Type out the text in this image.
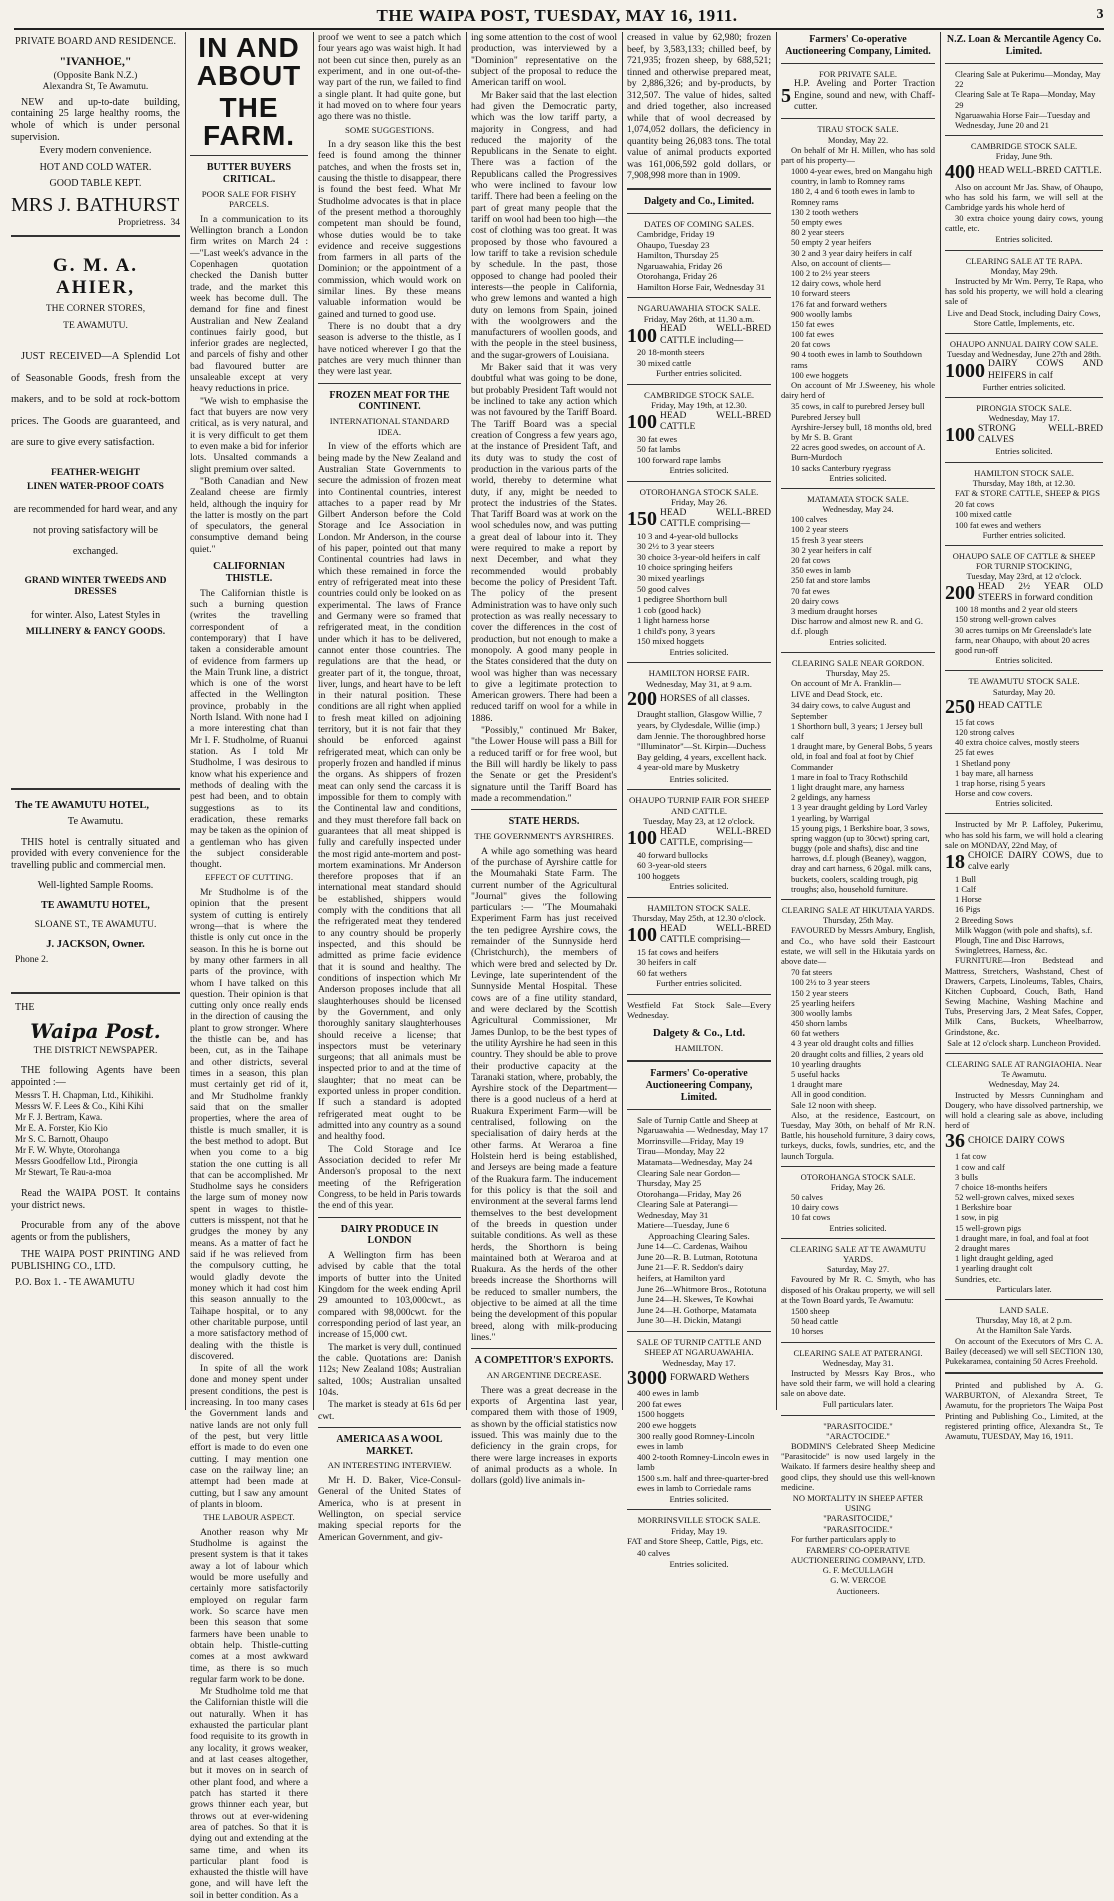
THE WAIPA POST, TUESDAY, MAY 16, 1911.	3
PRIVATE BOARD AND RESIDENCE.
"IVANHOE,"
(Opposite Bank N.Z.)
Alexandra St, Te Awamutu.

NEW and up-to-date building, containing 25 large healthy rooms, the whole of which is under personal supervision.

Every modern convenience.
HOT AND COLD WATER.
GOOD TABLE KEPT.
MRS J. BATHURST
Proprietress. 34
G. M. A. AHIER,
THE CORNER STORES,
TE AWAMUTU.

JUST RECEIVED—A Splendid Lot of Seasonable Goods, fresh from the makers, and to be sold at rock-bottom prices. The Goods are guaranteed, and are sure to give every satisfaction.

FEATHER-WEIGHT
LINEN WATER-PROOF COATS

are recommended for hard wear, and any not proving satisfactory will be exchanged.

GRAND WINTER TWEEDS AND DRESSES

for winter. Also, Latest Styles in

MILLINERY & FANCY GOODS.
The TE AWAMUTU HOTEL,
Te Awamutu.

THIS hotel is centrally situated and provided with every convenience for the travelling public and commercial men.

Well-lighted Sample Rooms.
TE AWAMUTU HOTEL,
SLOANE ST., TE AWAMUTU.
J. JACKSON, Owner.
Phone 2.
THE
Waipa Post.
THE DISTRICT NEWSPAPER.

THE following Agents have been appointed :—

Messrs T. H. Chapman, Ltd., Kihikihi.
Messrs W. F. Lees & Co., Kihi Kihi
Mr F. J. Bertram, Kawa.
Mr E. A. Forster, Kio Kio
Mr S. C. Barnott, Ohaupo
Mr F. W. Whyte, Otorohanga
Messrs Goodfellow Ltd., Pirongia
Mr Stewart, Te Rau-a-moa

Read the WAIPA POST. It contains your district news.

Procurable from any of the above agents or from the publishers,

THE WAIPA POST PRINTING AND PUBLISHING CO., LTD.

P.O. Box 1. - TE AWAMUTU
IN AND ABOUT
THE FARM.
BUTTER BUYERS CRITICAL.
POOR SALE FOR FISHY PARCELS.

In a communication to its Wellington branch a London firm writes on March 24 :—"Last week's advance in the Copenhagen quotation checked the Danish butter trade, and the market this week has become dull. The demand for fine and finest Australian and New Zealand continues fairly good, but inferior grades are neglected, and parcels of fishy and other bad flavoured butter are unsaleable except at very heavy reductions in price.

"We wish to emphasise the fact that buyers are now very critical, as is very natural, and it is very difficult to get them to even make a bid for inferior lots. Unsalted commands a slight premium over salted.

"Both Canadian and New Zealand cheese are firmly held, although the inquiry for the latter is mostly on the part of speculators, the general consumptive demand being quiet."

CALIFORNIAN THISTLE.

The Californian thistle is such a burning question (writes the travelling correspondent of a contemporary) that I have taken a considerable amount of evidence from farmers up the Main Trunk line, a district which is one of the worst affected in the Wellington province, probably in the North Island. With none had I a more interesting chat than Mr I. F. Studholme, of Ruanui station. As I told Mr Studholme, I was desirous to know what his experience and methods of dealing with the pest had been, and to obtain suggestions as to its eradication, these remarks may be taken as the opinion of a gentleman who has given the subject considerable thought.

EFFECT OF CUTTING.

Mr Studholme is of the opinion that the present system of cutting is entirely wrong—that is where the thistle is only cut once in the season. In this he is borne out by many other farmers in all parts of the province, with whom I have talked on this question. Their opinion is that cutting only once really ends in the direction of causing the plant to grow stronger. Where the thistle can be, and has been, cut, as in the Taihape and other districts, several times in a season, this plan must certainly get rid of it, and Mr Studholme frankly said that on the smaller properties, where the area of thistle is much smaller, it is the best method to adopt. But when you come to a big station the one cutting is all that can be accomplished. Mr Studholme says he considers the large sum of money now spent in wages to thistle-cutters is misspent, not that he grudges the money by any means. As a matter of fact he said if he was relieved from the compulsory cutting, he would gladly devote the money which it had cost him this season annually to the Taihape hospital, or to any other charitable purpose, until a more satisfactory method of dealing with the thistle is discovered.

In spite of all the work done and money spent under present conditions, the pest is increasing. In too many cases the Government lands and native lands are not only full of the pest, but very little effort is made to do even one cutting. I may mention one case on the railway line; an attempt had been made at cutting, but I saw any amount of plants in bloom.

THE LABOUR ASPECT.

Another reason why Mr Studholme is against the present system is that it takes away a lot of labour which would be more usefully and certainly more satisfactorily employed on regular farm work. So scarce have men been this season that some farmers have been unable to obtain help. Thistle-cutting comes at a most awkward time, as there is so much regular farm work to be done.

Mr Studholme told me that the Californian thistle will die out naturally. When it has exhausted the particular plant food requisite to its growth in any locality, it grows weaker, and at last ceases altogether, but it moves on in search of other plant food, and where a patch has started it there grows thinner each year, but throws out at ever-widening area of patches. So that it is dying out and extending at the same time, and when its particular plant food is exhausted the thistle will have gone, and will have left the soil in better condition. As a

proof we went to see a patch which four years ago was waist high. It had not been cut since then, purely as an experiment, and in one out-of-the-way part of the run, we failed to find a single plant. It had quite gone, but it had moved on to where four years ago there was no thistle.

SOME SUGGESTIONS.

In a dry season like this the best feed is found among the thinner patches, and when the frosts set in, causing the thistle to disappear, there is found the best feed. What Mr Studholme advocates is that in place of the present method a thoroughly competent man should be found, whose duties would be to take evidence and receive suggestions from farmers in all parts of the Dominion; or the appointment of a commission, which would work on similar lines. By these means valuable information would be gained and turned to good use.

There is no doubt that a dry season is adverse to the thistle, as I have noticed wherever I go that the patches are very much thinner than they were last year.

FROZEN MEAT FOR THE CONTINENT.
INTERNATIONAL STANDARD IDEA.

In view of the efforts which are being made by the New Zealand and Australian State Governments to secure the admission of frozen meat into Continental countries, interest attaches to a paper read by Mr Gilbert Anderson before the Cold Storage and Ice Association in London. Mr Anderson, in the course of his paper, pointed out that many Continental countries had laws in which these remained in force the entry of refrigerated meat into these countries could only be looked on as experimental. The laws of France and Germany were so framed that refrigerated meat, in the condition under which it has to be delivered, cannot enter those countries. The regulations are that the head, or greater part of it, the tongue, throat, liver, lungs, and heart have to be left in their natural position. These conditions are all right when applied to fresh meat killed on adjoining territory, but it is not fair that they should be enforced against refrigerated meat, which can only be properly frozen and handled if minus the organs. As shippers of frozen meat can only send the carcass it is impossible for them to comply with the Continental law and conditions, and they must therefore fall back on guarantees that all meat shipped is fully and carefully inspected under the most rigid ante-mortem and post-mortem examinations. Mr Anderson therefore proposes that if an international meat standard should be established, shippers would comply with the conditions that all the refrigerated meat they tendered to any country should be properly inspected, and this should be admitted as prime facie evidence that it is sound and healthy. The conditions of inspection which Mr Anderson proposes include that all slaughterhouses should be licensed by the Government, and only thoroughly sanitary slaughterhouses should receive a license; that inspectors must be veterinary surgeons; that all animals must be inspected prior to and at the time of slaughter; that no meat can be exported unless in proper condition. If such a standard is adopted refrigerated meat ought to be admitted into any country as a sound and healthy food.

The Cold Storage and Ice Association decided to refer Mr Anderson's proposal to the next meeting of the Refrigeration Congress, to be held in Paris towards the end of this year.

DAIRY PRODUCE IN LONDON

A Wellington firm has been advised by cable that the total imports of butter into the United Kingdom for the week ending April 29 amounted to 103,000cwt., as compared with 98,000cwt. for the corresponding period of last year, an increase of 15,000 cwt.

The market is very dull, continued the cable. Quotations are: Danish 112s; New Zealand 108s; Australian salted, 100s; Australian unsalted 104s.

The market is steady at 61s 6d per cwt.

AMERICA AS A WOOL MARKET.
AN INTERESTING INTERVIEW.

Mr H. D. Baker, Vice-Consul-General of the United States of America, who is at present in Wellington, on special service making special reports for the American Government, and giv-

ing some attention to the cost of wool production, was interviewed by a "Dominion" representative on the subject of the proposal to reduce the American tariff on wool.

Mr Baker said that the last election had given the Democratic party, which was the low tariff party, a majority in Congress, and had reduced the majority of the Republicans in the Senate to eight. There was a faction of the Republicans called the Progressives who were inclined to favour low tariff. There had been a feeling on the part of great many people that the tariff on wool had been too high—the cost of clothing was too great. It was proposed by those who favoured a low tariff to take a revision schedule by schedule. In the past, those opposed to change had pooled their interests—the people in California, who grew lemons and wanted a high duty on lemons from Spain, joined with the woolgrowers and the manufacturers of woollen goods, and with the people in the steel business, and the sugar-growers of Louisiana.

Mr Baker said that it was very doubtful what was going to be done, but probably President Taft would not be inclined to take any action which was not favoured by the Tariff Board. The Tariff Board was a special creation of Congress a few years ago, at the instance of President Taft, and its duty was to study the cost of production in the various parts of the world, thereby to determine what duty, if any, might be needed to protect the industries of the States. That Tariff Board was at work on the wool schedules now, and was putting a great deal of labour into it. They were required to make a report by next December, and what they recommended would probably become the policy of President Taft. The policy of the present Administration was to have only such protection as was really necessary to cover the differences in the cost of production, but not enough to make a monopoly. A good many people in the States considered that the duty on wool was higher than was necessary to give a legitimate protection to American growers. There had been a reduced tariff on wool for a while in 1886.

"Possibly," continued Mr Baker, "the Lower House will pass a Bill for a reduced tariff or for free wool, but the Bill will hardly be likely to pass the Senate or get the President's signature until the Tariff Board has made a recommendation."

STATE HERDS.
THE GOVERNMENT'S AYRSHIRES.

A while ago something was heard of the purchase of Ayrshire cattle for the Moumahaki State Farm. The current number of the Agricultural "Journal" gives the following particulars :— "The Moumahaki Experiment Farm has just received the ten pedigree Ayrshire cows, the remainder of the Sunnyside herd (Christchurch), the members of which were bred and selected by Dr. Levinge, late superintendent of the Sunnyside Mental Hospital. These cows are of a fine utility standard, and were declared by the Scottish Agricultural Commissioner, Mr James Dunlop, to be the best types of the utility Ayrshire he had seen in this country. They should be able to prove their productive capacity at the Taranaki station, where, probably, the Ayrshire stock of the Department—there is a good nucleus of a herd at Ruakura Experiment Farm—will be centralised, following on the specialisation of dairy herds at the other farms. At Weraroa a fine Holstein herd is being established, and Jerseys are being made a feature of the Ruakura farm. The inducement for this policy is that the soil and environment at the several farms lend themselves to the best development of the breeds in question under suitable conditions. As well as these herds, the Shorthorn is being maintained both at Weraroa and at Ruakura. As the herds of the other breeds increase the Shorthorns will be reduced to smaller numbers, the objective to be aimed at all the time being the development of this popular breed, along with milk-producing lines."

A COMPETITOR'S EXPORTS.
AN ARGENTINE DECREASE.

There was a great decrease in the exports of Argentina last year, compared them with those of 1909, as shown by the official statistics now issued. This was mainly due to the deficiency in the grain crops, for there were large increases in exports of animal products as a whole. In dollars (gold) live animals in-

creased in value by 62,980; frozen beef, by 3,583,133; chilled beef, by 721,935; frozen sheep, by 688,521; tinned and otherwise prepared meat, by 2,886,326; and by-products, by 312,507. The value of hides, salted and dried together, also increased while that of wool decreased by 1,074,052 dollars, the deficiency in quantity being 26,083 tons. The total value of animal products exported was 161,006,592 gold dollars, or 7,908,998 more than in 1909.

Dalgety and Co., Limited.
DATES OF COMING SALES.
Cambridge, Friday 19
Ohaupo, Tuesday 23
Hamilton, Thursday 25
Ngaruawahia, Friday 26
Otorohanga, Friday 26
Hamilton Horse Fair, Wednesday 31
NGARUAWAHIA STOCK SALE.
Friday, May 26th, at 11.30 a.m.
100 HEAD WELL-BRED CATTLE including—
20 18-month steers
30 mixed cattle
Further entries solicited.
CAMBRIDGE STOCK SALE.
Friday, May 19th, at 12.30.
100 HEAD WELL-BRED CATTLE
30 fat ewes
50 fat lambs
100 forward rape lambs
Entries solicited.
OTOROHANGA STOCK SALE.
Friday, May 26.
150 HEAD WELL-BRED CATTLE comprising—
10 3 and 4-year-old bullocks
30 2½ to 3 year steers
30 choice 3-year-old heifers in calf
10 choice springing heifers
30 mixed yearlings
50 good calves
1 pedigree Shorthorn bull
1 cob (good hack)
1 light harness horse
1 child's pony, 3 years
150 mixed hoggets
Entries solicited.
HAMILTON HORSE FAIR.
Wednesday, May 31, at 9 a.m.
200 HORSES of all classes.

Draught stallion, Glasgow Willie, 7 years, by Clydesdale, Willie (imp.) dam Jennie. The thoroughbred horse "Illuminator"—St. Kirpin—Duchess Bay gelding, 4 years, excellent hack. 4 year-old mare by Musketry

Entries solicited.
OHAUPO TURNIP FAIR FOR SHEEP AND CATTLE.
Tuesday, May 23, at 12 o'clock.
100 HEAD WELL-BRED CATTLE, comprising—
40 forward bullocks
60 3-year-old steers
100 hoggets
Entries solicited.
HAMILTON STOCK SALE.
Thursday, May 25th, at 12.30 o'clock.
100 HEAD WELL-BRED CATTLE comprising—
15 fat cows and heifers
30 heifers in calf
60 fat wethers
Further entries solicited.

Westfield Fat Stock Sale—Every Wednesday.

Dalgety & Co., Ltd.
HAMILTON.
Farmers' Co-operative Auctioneering Company, Limited.
Sale of Turnip Cattle and Sheep at Ngaruawahia — Wednesday, May 17
Morrinsville—Friday, May 19
Tirau—Monday, May 22
Matamata—Wednesday, May 24
Clearing Sale near Gordon—Thursday, May 25
Otorohanga—Friday, May 26
Clearing Sale at Paterangi—Wednesday, May 31
Matiere—Tuesday, June 6
Approaching Clearing Sales.
June 14—C. Cardenas, Waihou
June 20—R. B. Lutman, Rototuna
June 21—F. R. Seddon's dairy heifers, at Hamilton yard
June 26—Whitmore Bros., Rototuna
June 24—H. Skewes, Te Kowhai
June 24—H. Gothorpe, Matamata
June 30—H. Dickin, Matangi
SALE OF TURNIP CATTLE AND SHEEP AT NGARUAWAHIA.
Wednesday, May 17.
3000 FORWARD Wethers
400 ewes in lamb
200 fat ewes
1500 hoggets
200 ewe hoggets
300 really good Romney-Lincoln ewes in lamb
400 2-tooth Romney-Lincoln ewes in lamb
1500 s.m. half and three-quarter-bred ewes in lamb to Corriedale rams
Entries solicited.
MORRINSVILLE STOCK SALE.
Friday, May 19.

FAT and Store Sheep, Cattle, Pigs, etc.

40 calves
Entries solicited.
Farmers' Co-operative Auctioneering Company, Limited.
FOR PRIVATE SALE.
5
H.P. Aveling and Porter Traction Engine, sound and new, with Chaff-cutter.
TIRAU STOCK SALE.
Monday, May 22.

On behalf of Mr H. Millen, who has sold part of his property—

1000 4-year ewes, bred on Mangahu high country, in lamb to Romney rams
180 2, 4 and 6 tooth ewes in lamb to Romney rams
130 2 tooth wethers
50 empty ewes
80 2 year steers
50 empty 2 year heifers
30 2 and 3 year dairy heifers in calf
Also, on account of clients—
100 2 to 2½ year steers
12 dairy cows, whole herd
10 forward steers
176 fat and forward wethers
900 woolly lambs
150 fat ewes
100 fat ewes
20 fat cows
90 4 tooth ewes in lamb to Southdown rams
100 ewe hoggets

On account of Mr J.Sweeney, his whole dairy herd of

35 cows, in calf to purebred Jersey bull
Purebred Jersey bull
Ayrshire-Jersey bull, 18 months old, bred by Mr S. B. Grant
22 acres good swedes, on account of A. Burn-Murdoch
10 sacks Canterbury ryegrass
Entries solicited.
MATAMATA STOCK SALE.
Wednesday, May 24.
100 calves
100 2 year steers
15 fresh 3 year steers
30 2 year heifers in calf
20 fat cows
350 ewes in lamb
250 fat and store lambs
70 fat ewes
20 dairy cows
3 medium draught horses
Disc harrow and almost new R. and G. d.f. plough
Entries solicited.
CLEARING SALE NEAR GORDON.
Thursday, May 25.

On account of Mr A. Franklin—

LIVE and Dead Stock, etc.

34 dairy cows, to calve August and September
1 Shorthorn bull, 3 years; 1 Jersey bull calf
1 draught mare, by General Bobs, 5 years old, in foal and foal at foot by Chief Commander
1 mare in foal to Tracy Rothschild
1 light draught mare, any harness
2 geldings, any harness
1 3 year draught gelding by Lord Varley
1 yearling, by Warrigal
15 young pigs, 1 Berkshire boar, 3 sows, spring waggon (up to 30cwt) spring cart, buggy (pole and shafts), disc and tine harrows, d.f. plough (Beaney), waggon, dray and cart harness, 6 20gal. milk cans, buckets, coolers, scalding trough, pig troughs; also, household furniture.
CLEARING SALE AT HIKUTAIA YARDS.
Thursday, 25th May.

FAVOURED by Messrs Ambury, English, and Co., who have sold their Eastcourt estate, we will sell in the Hikutaia yards on above date—

70 fat steers
100 2½ to 3 year steers
150 2 year steers
25 yearling heifers
300 woolly lambs
450 shorn lambs
60 fat wethers
4 3 year old draught colts and fillies
20 draught colts and fillies, 2 years old
10 yearling draughts
5 useful hacks
1 draught mare
All in good condition.
Sale 12 noon with sheep.

Also, at the residence, Eastcourt, on Tuesday, May 30th, on behalf of Mr R.N. Battle, his household furniture, 3 dairy cows, turkeys, ducks, fowls, sundries, etc, and the launch Torgula.

OTOROHANGA STOCK SALE.
Friday, May 26.
50 calves
10 dairy cows
10 fat cows
Entries solicited.
CLEARING SALE AT TE AWAMUTU YARDS.
Saturday, May 27.

Favoured by Mr R. C. Smyth, who has disposed of his Orakau property, we will sell at the Town Board yards, Te Awamutu:

1500 sheep
50 head cattle
10 horses
CLEARING SALE AT PATERANGI.
Wednesday, May 31.

Instructed by Messrs Kay Bros., who have sold their farm, we will hold a clearing sale on above date.

Full particulars later.
"PARASITOCIDE."
"ARACTOCIDE."

BODMIN'S Celebrated Sheep Medicine "Parasitocide" is now used largely in the Waikato. If farmers desire healthy sheep and good clips, they should use this well-known medicine.

NO MORTALITY IN SHEEP AFTER USING
"PARASITOCIDE,"
"PARASITOCIDE."

For further particulars apply to

FARMERS' CO-OPERATIVE AUCTIONEERING COMPANY, LTD.
G. F. McCULLAGH
G. W. VERCOE
Auctioneers.
N.Z. Loan & Mercantile Agency Co. Limited.
Clearing Sale at Pukerimu—Monday, May 22
Clearing Sale at Te Rapa—Monday, May 29
Ngaruawahia Horse Fair—Tuesday and Wednesday, June 20 and 21
CAMBRIDGE STOCK SALE.
Friday, June 9th.
400 HEAD WELL-BRED CATTLE.

Also on account Mr Jas. Shaw, of Ohaupo, who has sold his farm, we will sell at the Cambridge yards his whole herd of

30 extra choice young dairy cows, young cattle, etc.

Entries solicited.
CLEARING SALE AT TE RAPA.
Monday, May 29th.

Instructed by Mr Wm. Perry, Te Rapa, who has sold his property, we will hold a clearing sale of

Live and Dead Stock, including Dairy Cows, Store Cattle, Implements, etc.
OHAUPO ANNUAL DAIRY COW SALE.
Tuesday and Wednesday, June 27th and 28th.
1000 DAIRY COWS AND HEIFERS in calf
Further entries solicited.
PIRONGIA STOCK SALE.
Wednesday, May 17.
100 STRONG WELL-BRED CALVES
Entries solicited.
HAMILTON STOCK SALE.
Thursday, May 18th, at 12.30.

FAT & STORE CATTLE, SHEEP & PIGS

20 fat cows
100 mixed cattle
100 fat ewes and wethers
Further entries solicited.
OHAUPO SALE OF CATTLE & SHEEP FOR TURNIP STOCKING,
Tuesday, May 23rd, at 12 o'clock.
200 HEAD 2½ YEAR OLD STEERS in forward condition
100 18 months and 2 year old steers
150 strong well-grown calves
30 acres turnips on Mr Greenslade's late farm, near Ohaupo, with about 20 acres good run-off
Entries solicited.
TE AWAMUTU STOCK SALE.
Saturday, May 20.
250 HEAD CATTLE
15 fat cows
120 strong calves
40 extra choice calves, mostly steers
25 fat ewes
1 Shetland pony
1 bay mare, all harness
1 trap horse, rising 5 years
Horse and cow covers.
Entries solicited.

Instructed by Mr P. Laffoley, Pukerimu, who has sold his farm, we will hold a clearing sale on MONDAY, 22nd May, of

18 CHOICE DAIRY COWS, due to calve early
1 Bull
1 Calf
1 Horse
16 Pigs
2 Breeding Sows
Milk Waggon (with pole and shafts), s.f. Plough, Tine and Disc Harrows, Swingletrees, Harness, &c.

FURNITURE—Iron Bedstead and Mattress, Stretchers, Washstand, Chest of Drawers, Carpets, Linoleums, Tables, Chairs, Kitchen Cupboard, Couch, Bath, Hand Sewing Machine, Washing Machine and Tubs, Preserving Jars, 2 Meat Safes, Copper, Milk Cans, Buckets, Wheelbarrow, Grindstone, &c.

Sale at 12 o'clock sharp. Luncheon Provided.
CLEARING SALE AT RANGIAOHIA. Near Te Awamutu.
Wednesday, May 24.

Instructed by Messrs Cunningham and Dougery, who have dissolved partnership, we will hold a clearing sale as above, including herd of

36 CHOICE DAIRY COWS
1 fat cow
1 cow and calf
3 bulls
7 choice 18-months heifers
52 well-grown calves, mixed sexes
1 Berkshire boar
1 sow, in pig
15 well-grown pigs
1 draught mare, in foal, and foal at foot
2 draught mares
1 light draught gelding, aged
1 yearling draught colt
Sundries, etc.
Particulars later.
LAND SALE.
Thursday, May 18, at 2 p.m.
At the Hamilton Sale Yards.

On account of the Executors of Mrs C. A. Bailey (deceased) we will sell SECTION 130, Pukekaramea, containing 50 Acres Freehold.

Printed and published by A. G. WARBURTON, of Alexandra Street, Te Awamutu, for the proprietors The Waipa Post Printing and Publishing Co., Limited, at the registered printing office, Alexandra St., Te Awamutu, TUESDAY, May 16, 1911.
